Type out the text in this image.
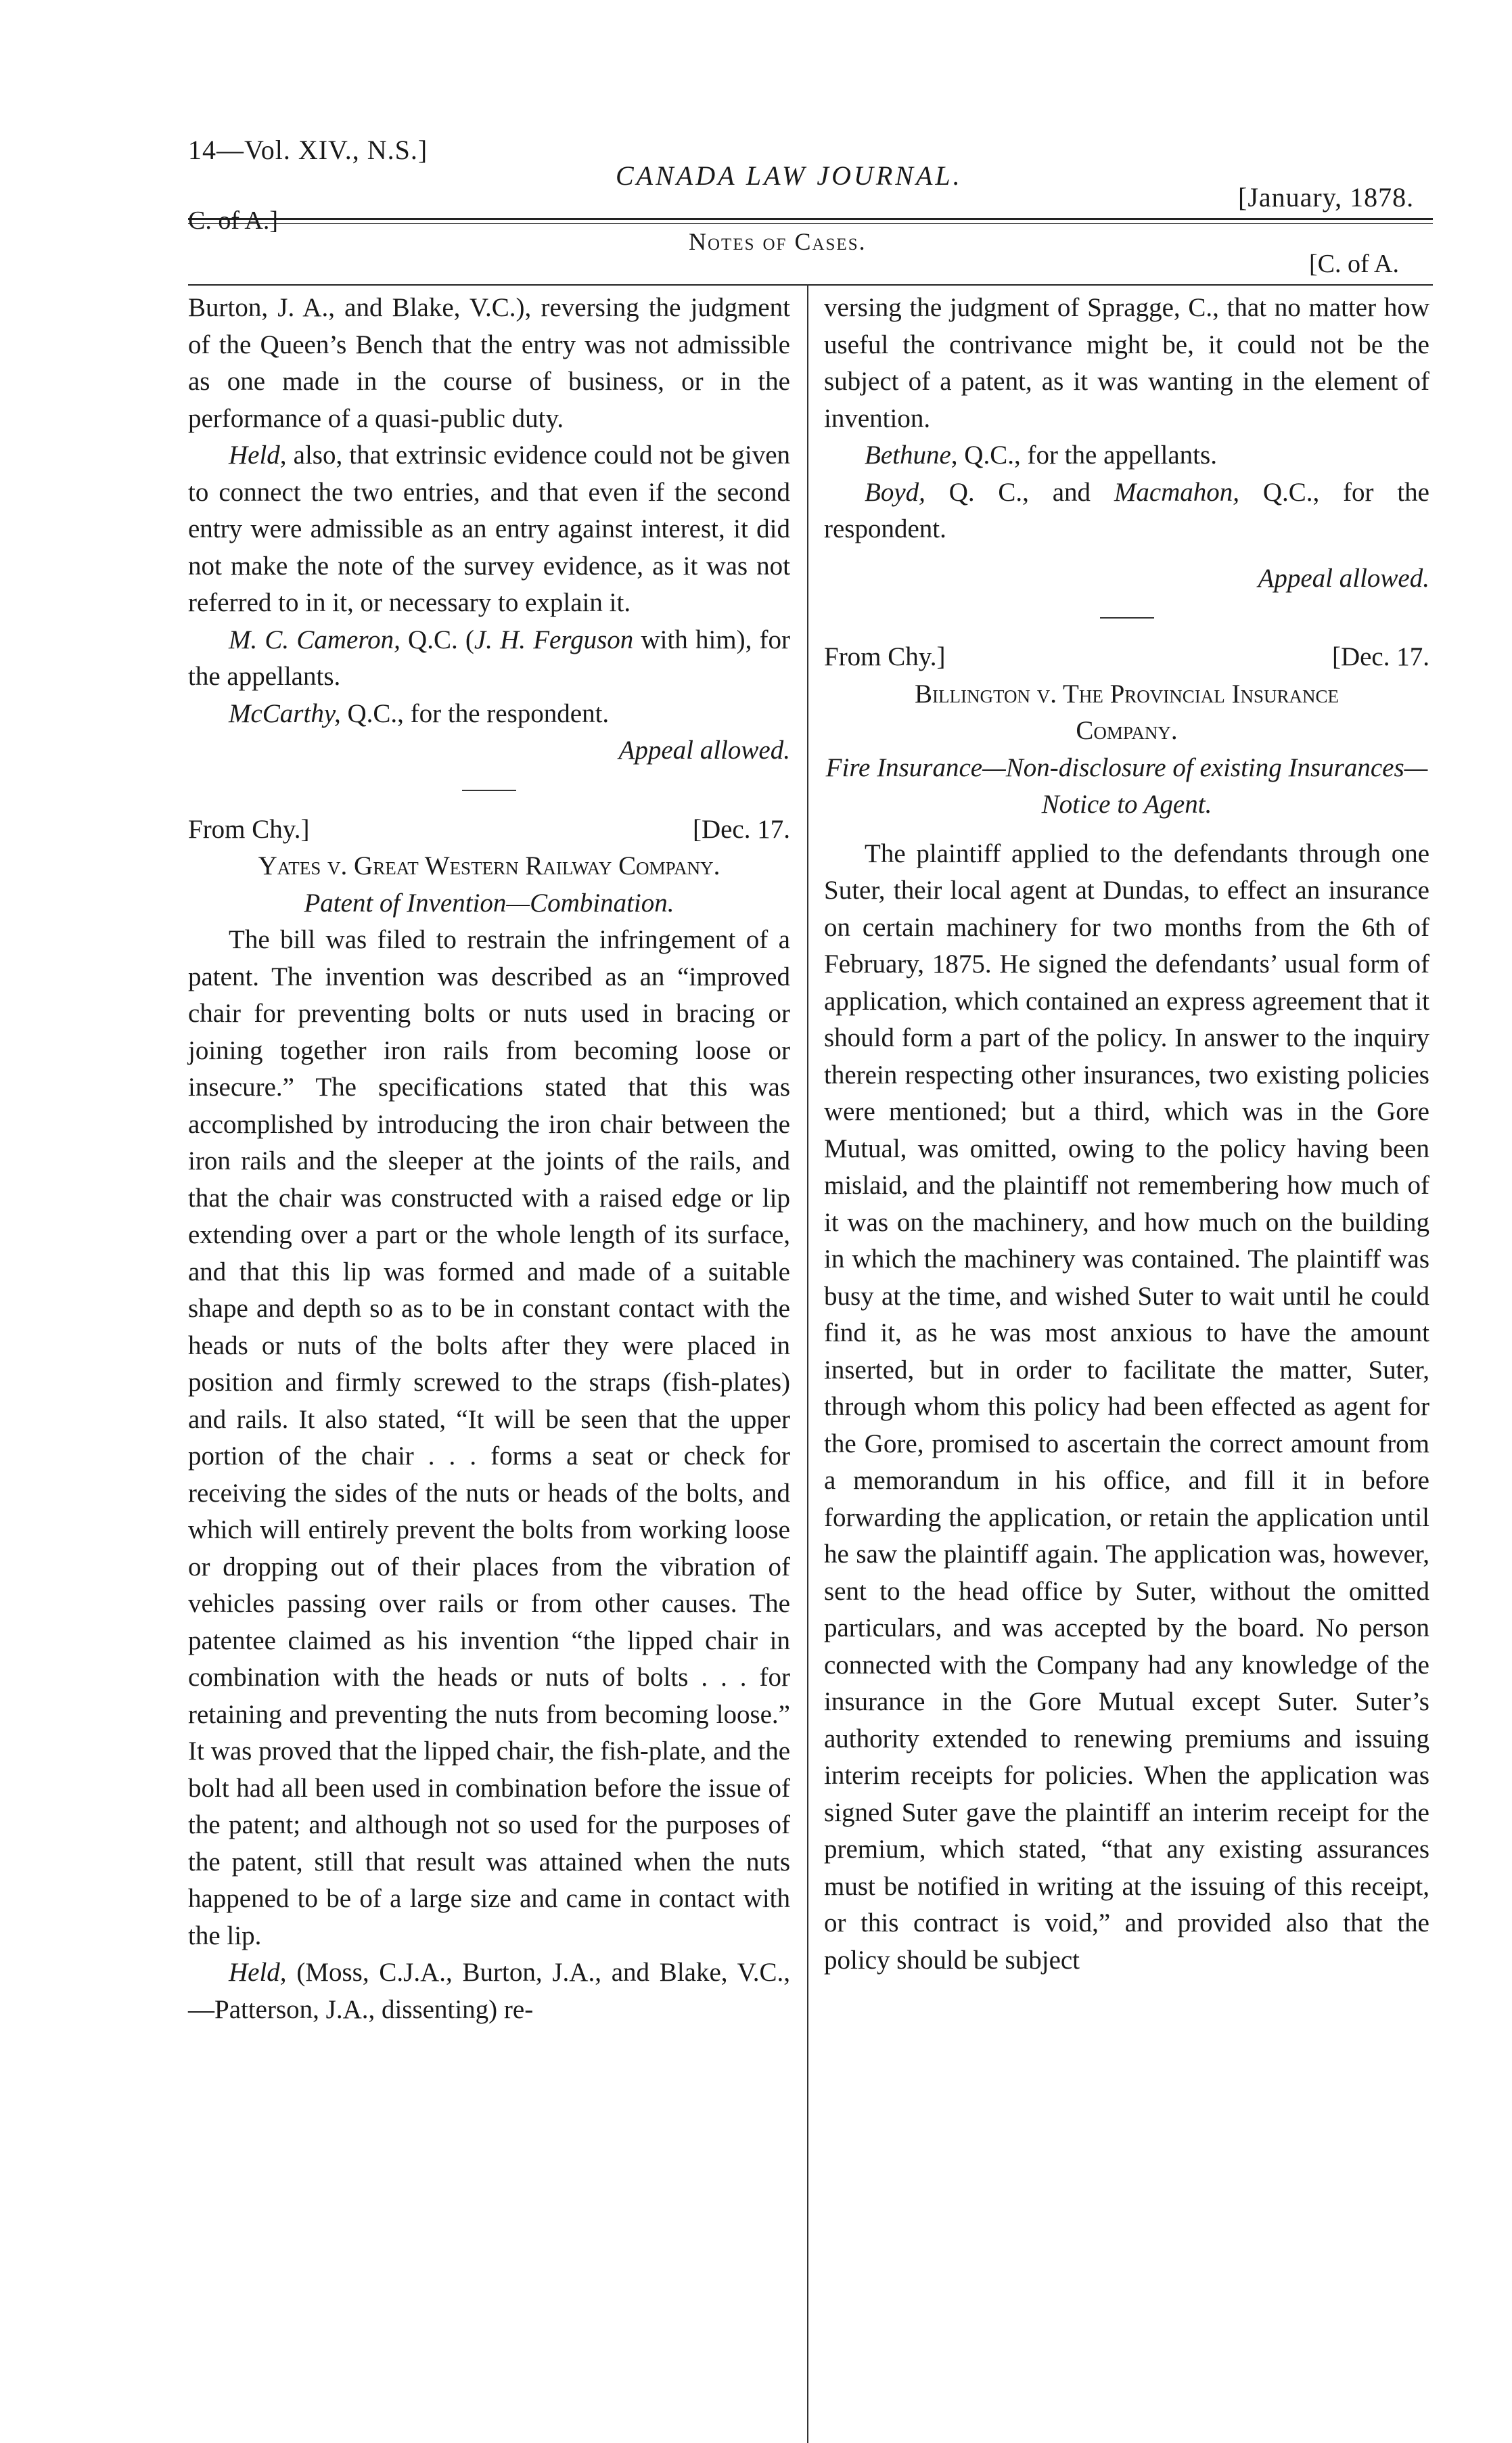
14—Vol. XIV., N.S.]
CANADA LAW JOURNAL.
[January, 1878.
C. of A.]
Notes of Cases.
[C. of A.

Burton, J. A., and Blake, V.C.), reversing the judgment of the Queen’s Bench that the entry was not admissible as one made in the course of business, or in the performance of a quasi-public duty.

Held, also, that extrinsic evidence could not be given to connect the two entries, and that even if the second entry were admissible as an entry against interest, it did not make the note of the survey evidence, as it was not referred to in it, or necessary to explain it.

M. C. Cameron, Q.C. (J. H. Ferguson with him), for the appellants.

McCarthy, Q.C., for the respondent.

Appeal allowed.

From Chy.]	[Dec. 17.

Yates v. Great Western Railway Company.

Patent of Invention—Combination.

The bill was filed to restrain the infringement of a patent. The invention was described as an “improved chair for preventing bolts or nuts used in bracing or joining together iron rails from becoming loose or insecure.” The specifications stated that this was accomplished by introducing the iron chair between the iron rails and the sleeper at the joints of the rails, and that the chair was constructed with a raised edge or lip extending over a part or the whole length of its surface, and that this lip was formed and made of a suitable shape and depth so as to be in constant contact with the heads or nuts of the bolts after they were placed in position and firmly screwed to the straps (fish-plates) and rails. It also stated, “It will be seen that the upper portion of the chair . . . forms a seat or check for receiving the sides of the nuts or heads of the bolts, and which will entirely prevent the bolts from working loose or dropping out of their places from the vibration of vehicles passing over rails or from other causes. The patentee claimed as his invention “the lipped chair in combination with the heads or nuts of bolts . . . for retaining and preventing the nuts from becoming loose.” It was proved that the lipped chair, the fish-plate, and the bolt had all been used in combination before the issue of the patent; and although not so used for the purposes of the patent, still that result was attained when the nuts happened to be of a large size and came in contact with the lip.

Held, (Moss, C.J.A., Burton, J.A., and Blake, V.C.,—Patterson, J.A., dissenting) re-

versing the judgment of Spragge, C., that no matter how useful the contrivance might be, it could not be the subject of a patent, as it was wanting in the element of invention.

Bethune, Q.C., for the appellants.

Boyd, Q. C., and Macmahon, Q.C., for the respondent.

Appeal allowed.

From Chy.]	[Dec. 17.

Billington v. The Provincial Insurance

Company.

Fire Insurance—Non-disclosure of existing Insurances—Notice to Agent.

The plaintiff applied to the defendants through one Suter, their local agent at Dundas, to effect an insurance on certain machinery for two months from the 6th of February, 1875. He signed the defendants’ usual form of application, which contained an express agreement that it should form a part of the policy. In answer to the inquiry therein respecting other insurances, two existing policies were mentioned; but a third, which was in the Gore Mutual, was omitted, owing to the policy having been mislaid, and the plaintiff not remembering how much of it was on the machinery, and how much on the building in which the machinery was contained. The plaintiff was busy at the time, and wished Suter to wait until he could find it, as he was most anxious to have the amount inserted, but in order to facilitate the matter, Suter, through whom this policy had been effected as agent for the Gore, promised to ascertain the correct amount from a memorandum in his office, and fill it in before forwarding the application, or retain the application until he saw the plaintiff again. The application was, however, sent to the head office by Suter, without the omitted particulars, and was accepted by the board. No person connected with the Company had any knowledge of the insurance in the Gore Mutual except Suter. Suter’s authority extended to renewing premiums and issuing interim receipts for policies. When the application was signed Suter gave the plaintiff an interim receipt for the premium, which stated, “that any existing assurances must be notified in writing at the issuing of this receipt, or this contract is void,” and provided also that the policy should be subject
